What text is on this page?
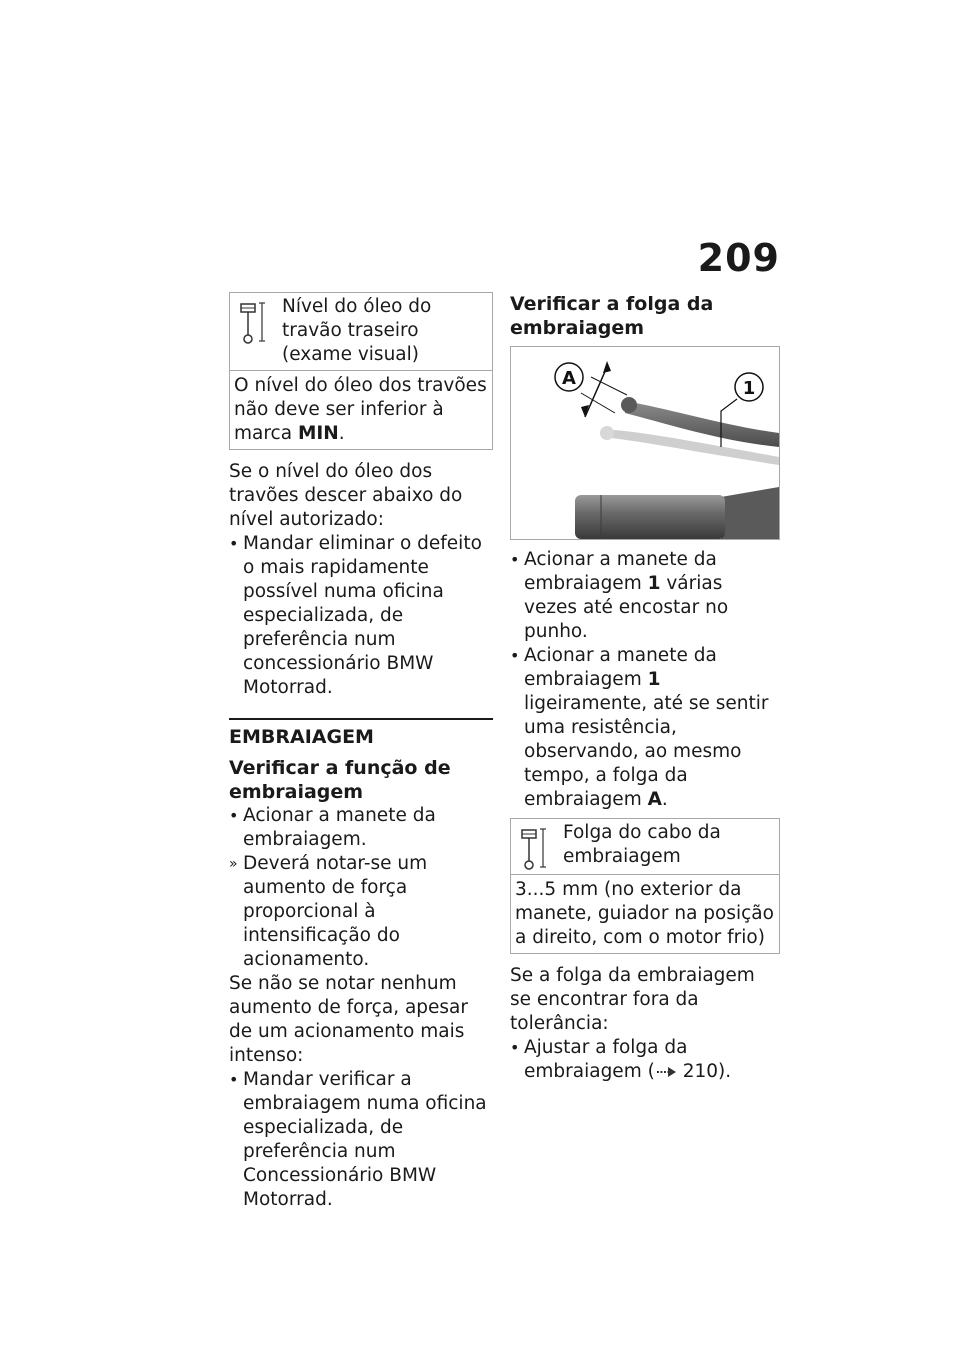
209
Nível do óleo do travão traseiro (exame visual)
O nível do óleo dos travões não deve ser inferior à marca MIN.
Se o nível do óleo dos travões descer abaixo do nível autorizado:
•
Mandar eliminar o defeito o mais rapidamente possível numa oficina especializada, de preferência num concessionário BMW Motorrad.
EMBRAIAGEM
Verificar a função de embraiagem
•
Acionar a manete da embraiagem.
» Deverá notar-se um aumento de força proporcional à intensificação do acionamento.
Se não se notar nenhum aumento de força, apesar de um acionamento mais intenso:
•
Mandar verificar a embraiagem numa oficina especializada, de preferência num Concessionário BMW Motorrad.
Verificar a folga da embraiagem
A	1
•
Acionar a manete da embraiagem 1 várias vezes até encostar no punho.
•
Acionar a manete da embraiagem 1 ligeiramente, até se sentir uma resistência, observando, ao mesmo tempo, a folga da embraiagem A.
Folga do cabo da embraiagem
3...5 mm (no exterior da manete, guiador na posição a direito, com o motor frio)
Se a folga da embraiagem se encontrar fora da tolerância:
•
Ajustar a folga da embraiagem ( 210).
